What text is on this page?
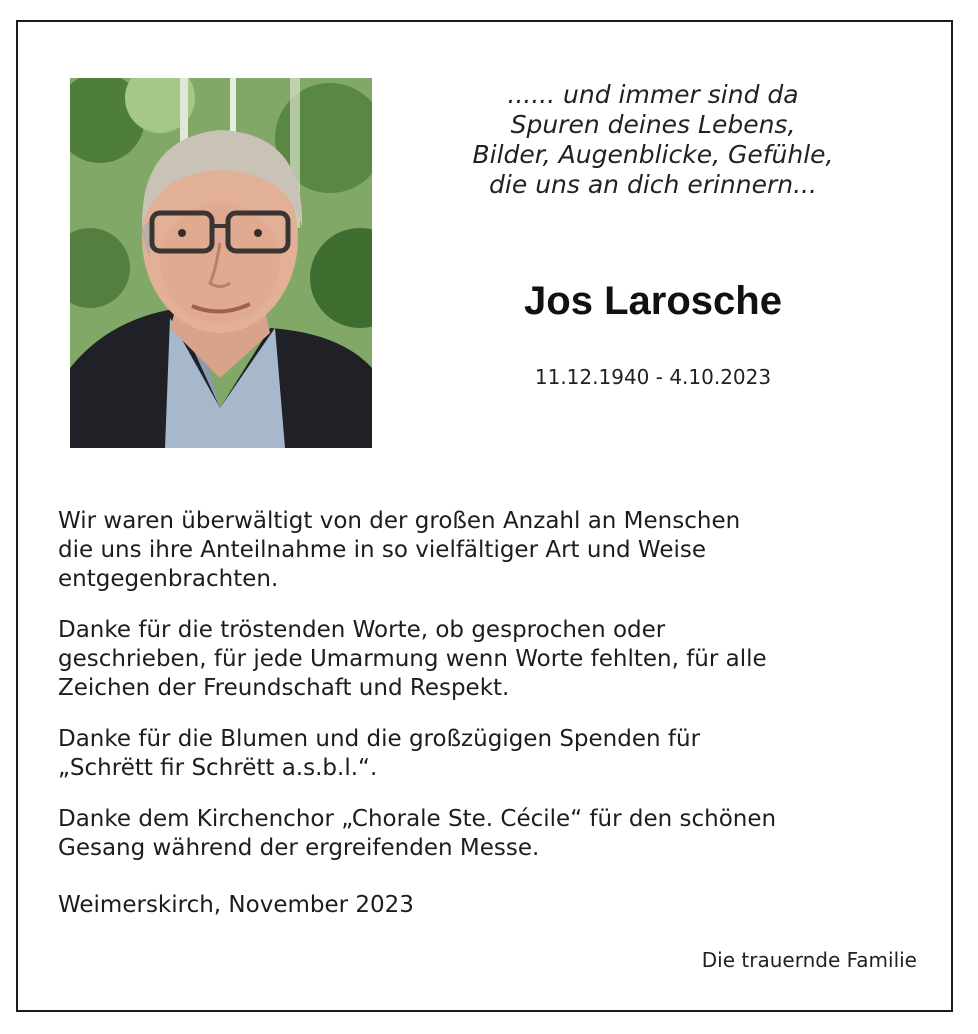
...... und immer sind da
Spuren deines Lebens,
Bilder, Augenblicke, Gefühle,
die uns an dich erinnern...
Jos Larosche
11.12.1940 - 4.10.2023
Wir waren überwältigt von der großen Anzahl an Menschen
die uns ihre Anteilnahme in so vielfältiger Art und Weise
entgegenbrachten.
Danke für die tröstenden Worte, ob gesprochen oder
geschrieben, für jede Umarmung wenn Worte fehlten, für alle
Zeichen der Freundschaft und Respekt.
Danke für die Blumen und die großzügigen Spenden für
„Schrëtt fir Schrëtt a.s.b.l.“.
Danke dem Kirchenchor „Chorale Ste. Cécile“ für den schönen
Gesang während der ergreifenden Messe.
Weimerskirch, November 2023
Die trauernde Familie
